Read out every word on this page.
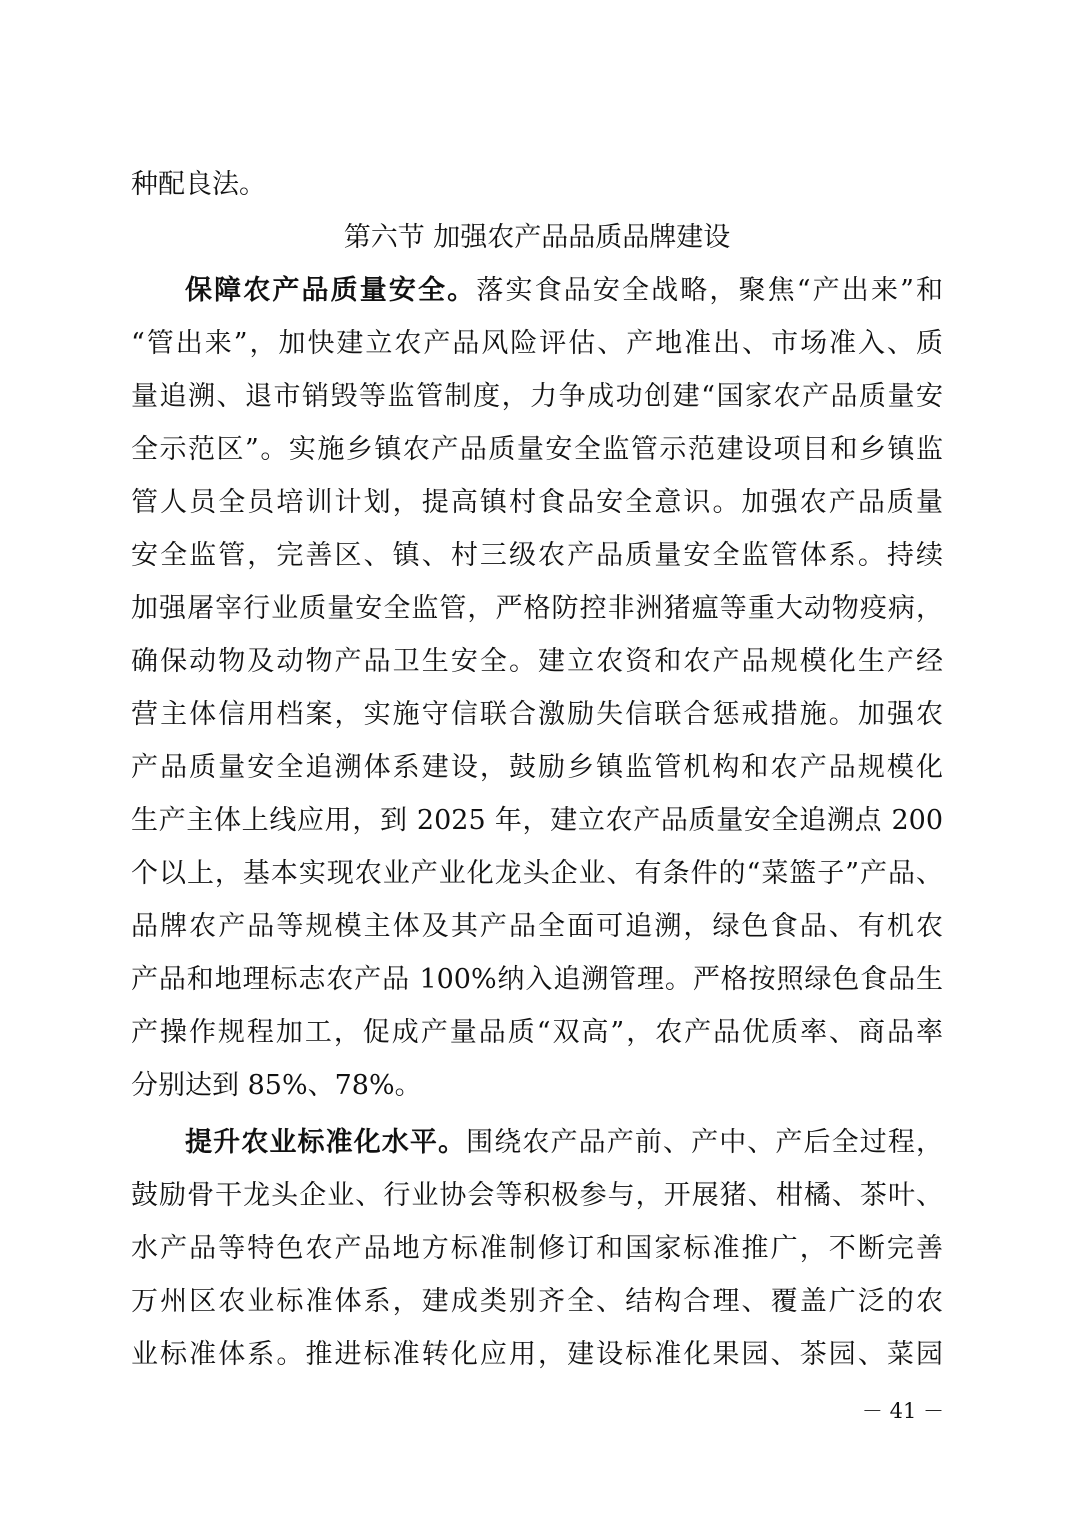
种配良法。
第六节 加强农产品品质品牌建设
保障农产品质量安全。落实食品安全战略，聚焦“产出来”和
“管出来”，加快建立农产品风险评估、产地准出、市场准入、质
量追溯、退市销毁等监管制度，力争成功创建“国家农产品质量安
全示范区”。实施乡镇农产品质量安全监管示范建设项目和乡镇监
管人员全员培训计划，提高镇村食品安全意识。加强农产品质量
安全监管，完善区、镇、村三级农产品质量安全监管体系。持续
加强屠宰行业质量安全监管，严格防控非洲猪瘟等重大动物疫病，
确保动物及动物产品卫生安全。建立农资和农产品规模化生产经
营主体信用档案，实施守信联合激励失信联合惩戒措施。加强农
产品质量安全追溯体系建设，鼓励乡镇监管机构和农产品规模化
生产主体上线应用，到 2025 年，建立农产品质量安全追溯点 200
个以上，基本实现农业产业化龙头企业、有条件的“菜篮子”产品、
品牌农产品等规模主体及其产品全面可追溯，绿色食品、有机农
产品和地理标志农产品 100%纳入追溯管理。严格按照绿色食品生
产操作规程加工，促成产量品质“双高”，农产品优质率、商品率
分别达到 85%、78%。
提升农业标准化水平。围绕农产品产前、产中、产后全过程，
鼓励骨干龙头企业、行业协会等积极参与，开展猪、柑橘、茶叶、
水产品等特色农产品地方标准制修订和国家标准推广，不断完善
万州区农业标准体系，建成类别齐全、结构合理、覆盖广泛的农
业标准体系。推进标准转化应用，建设标准化果园、茶园、菜园
－ 41 －
